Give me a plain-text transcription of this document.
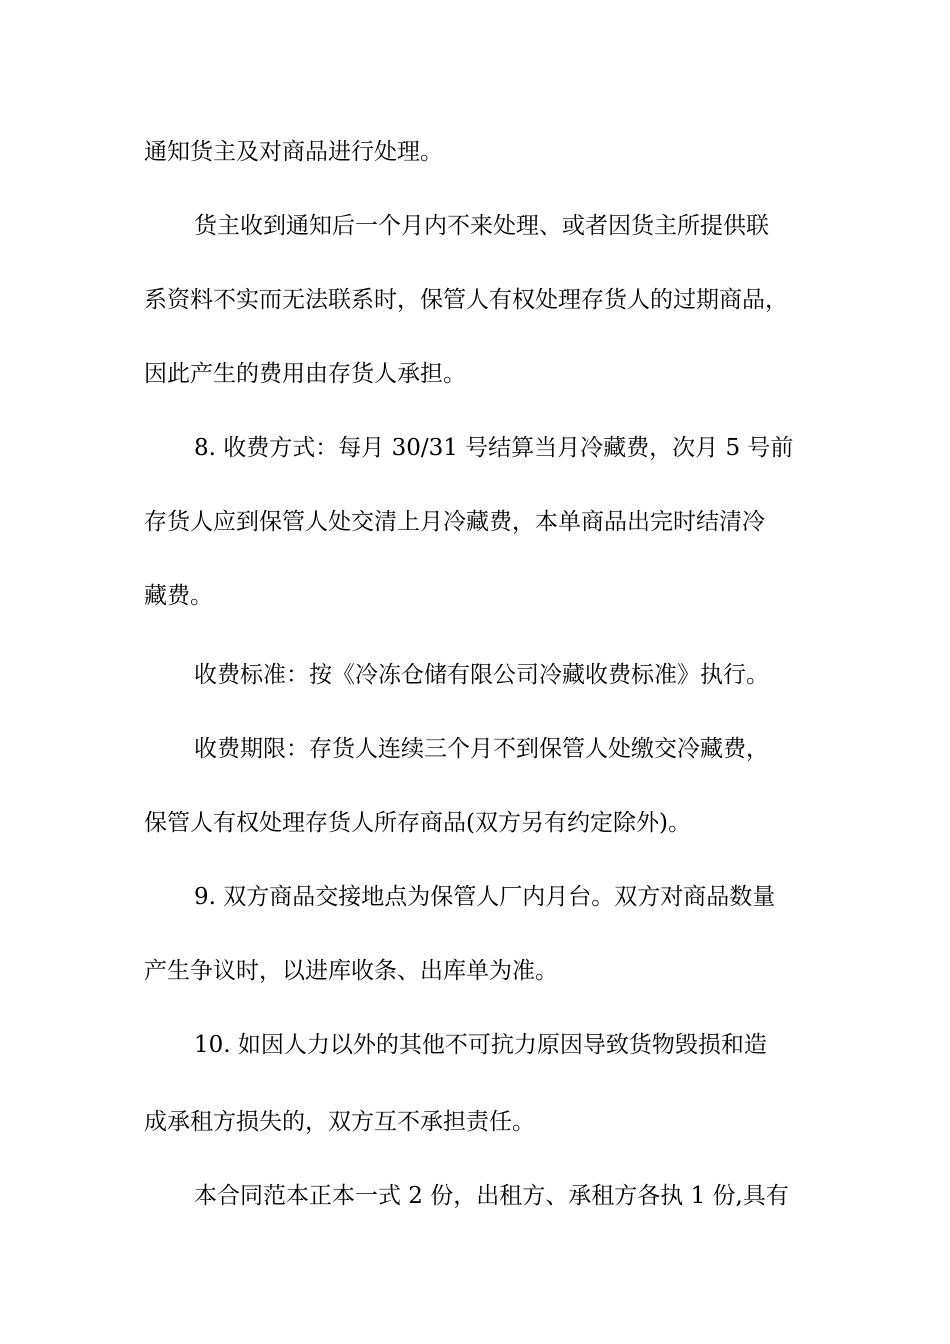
通知货主及对商品进行处理。

货主收到通知后一个月内不来处理、或者因货主所提供联

系资料不实而无法联系时，保管人有权处理存货人的过期商品，

因此产生的费用由存货人承担。

8. 收费方式：每月 30/31 号结算当月冷藏费，次月 5 号前

存货人应到保管人处交清上月冷藏费，本单商品出完时结清冷

藏费。

收费标准：按《冷冻仓储有限公司冷藏收费标准》执行。

收费期限：存货人连续三个月不到保管人处缴交冷藏费，

保管人有权处理存货人所存商品(双方另有约定除外)。

9. 双方商品交接地点为保管人厂内月台。双方对商品数量

产生争议时，以进库收条、出库单为准。

10. 如因人力以外的其他不可抗力原因导致货物毁损和造

成承租方损失的，双方互不承担责任。

本合同范本正本一式 2 份，出租方、承租方各执 1 份,具有
